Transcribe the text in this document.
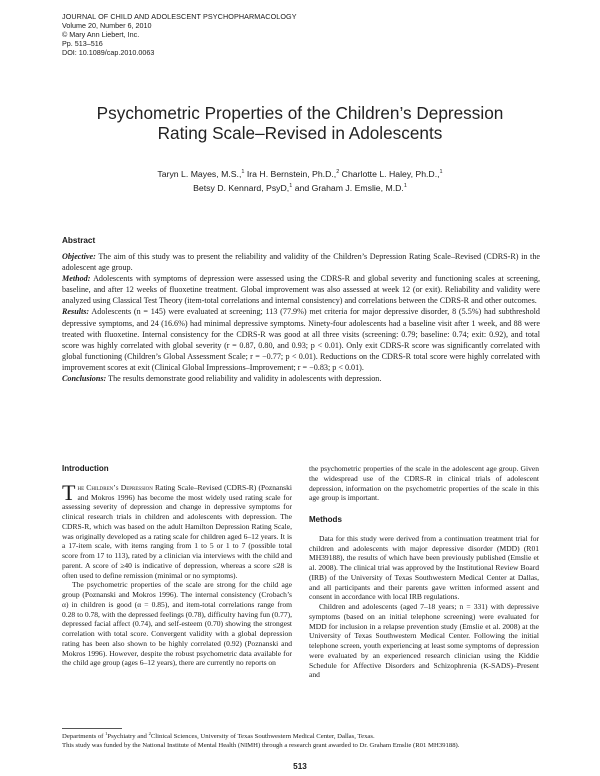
JOURNAL OF CHILD AND ADOLESCENT PSYCHOPHARMACOLOGY
Volume 20, Number 6, 2010
© Mary Ann Liebert, Inc.
Pp. 513–516
DOI: 10.1089/cap.2010.0063
Psychometric Properties of the Children’s Depression
Rating Scale–Revised in Adolescents
Taryn L. Mayes, M.S.,$^1$ Ira H. Bernstein, Ph.D.,$^2$ Charlotte L. Haley, Ph.D.,$^1$
Betsy D. Kennard, PsyD,$^1$ and Graham J. Emslie, M.D.$^1$
Abstract

Objective: The aim of this study was to present the reliability and validity of the Children’s Depression Rating Scale–Revised (CDRS-R) in the adolescent age group.

Method: Adolescents with symptoms of depression were assessed using the CDRS-R and global severity and functioning scales at screening, baseline, and after 12 weeks of fluoxetine treatment. Global improvement was also assessed at week 12 (or exit). Reliability and validity were analyzed using Classical Test Theory (item-total correlations and internal consistency) and correlations between the CDRS-R and other outcomes.

Results: Adolescents (n = 145) were evaluated at screening; 113 (77.9%) met criteria for major depressive disorder, 8 (5.5%) had subthreshold depressive symptoms, and 24 (16.6%) had minimal depressive symptoms. Ninety-four adolescents had a baseline visit after 1 week, and 88 were treated with fluoxetine. Internal consistency for the CDRS-R was good at all three visits (screening: 0.79; baseline: 0.74; exit: 0.92), and total score was highly correlated with global severity (r = 0.87, 0.80, and 0.93; p < 0.01). Only exit CDRS-R score was significantly correlated with global functioning (Children’s Global Assessment Scale; r = −0.77; p < 0.01). Reductions on the CDRS-R total score were highly correlated with improvement scores at exit (Clinical Global Impressions–Improvement; r = −0.83; p < 0.01).

Conclusions: The results demonstrate good reliability and validity in adolescents with depression.

Introduction

The Children’s Depression Rating Scale–Revised (CDRS-R) (Poznanski and Mokros 1996) has become the most widely used rating scale for assessing severity of depression and change in depressive symptoms for clinical research trials in children and adolescents with depression. The CDRS-R, which was based on the adult Hamilton Depression Rating Scale, was originally developed as a rating scale for children aged 6–12 years. It is a 17-item scale, with items ranging from 1 to 5 or 1 to 7 (possible total score from 17 to 113), rated by a clinician via interviews with the child and parent. A score of ≥40 is indicative of depression, whereas a score ≤28 is often used to define remission (minimal or no symptoms).

The psychometric properties of the scale are strong for the child age group (Poznanski and Mokros 1996). The internal consistency (Crobach’s α) in children is good (α = 0.85), and item-total correlations range from 0.28 to 0.78, with the depressed feelings (0.78), difficulty having fun (0.77), depressed facial affect (0.74), and self-esteem (0.70) showing the strongest correlation with total score. Convergent validity with a global depression rating has been also shown to be highly correlated (0.92) (Poznanski and Mokros 1996). However, despite the robust psychometric data available for the child age group (ages 6–12 years), there are currently no reports on

the psychometric properties of the scale in the adolescent age group. Given the widespread use of the CDRS-R in clinical trials of adolescent depression, information on the psychometric properties of the scale in this age group is important.

Methods

Data for this study were derived from a continuation treatment trial for children and adolescents with major depressive disorder (MDD) (R01 MH39188), the results of which have been previously published (Emslie et al. 2008). The clinical trial was approved by the Institutional Review Board (IRB) of the University of Texas Southwestern Medical Center at Dallas, and all participants and their parents gave written informed assent and consent in accordance with local IRB regulations.

Children and adolescents (aged 7–18 years; n = 331) with depressive symptoms (based on an initial telephone screening) were evaluated for MDD for inclusion in a relapse prevention study (Emslie et al. 2008) at the University of Texas Southwestern Medical Center. Following the initial telephone screen, youth experiencing at least some symptoms of depression were evaluated by an experienced research clinician using the Kiddie Schedule for Affective Disorders and Schizophrenia (K-SADS)–Present and

Departments of $^1$Psychiatry and $^2$Clinical Sciences, University of Texas Southwestern Medical Center, Dallas, Texas.
This study was funded by the National Institute of Mental Health (NIMH) through a research grant awarded to Dr. Graham Emslie (R01 MH39188).
513
